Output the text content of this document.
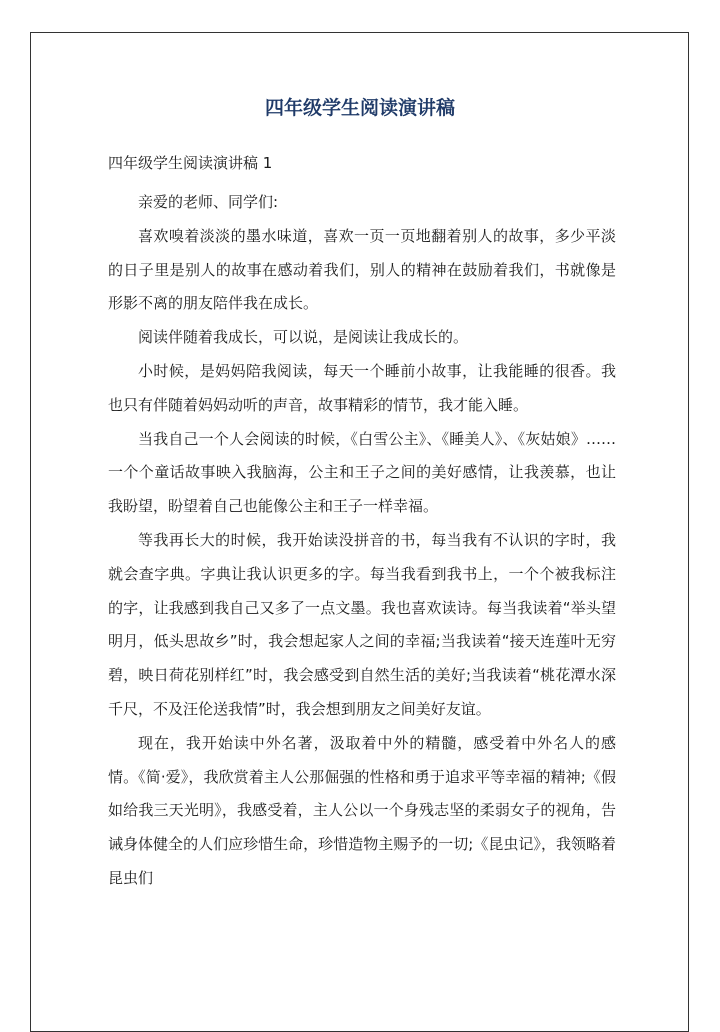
四年级学生阅读演讲稿
四年级学生阅读演讲稿 1

亲爱的老师、同学们:

喜欢嗅着淡淡的墨水味道，喜欢一页一页地翻着别人的故事，多少平淡的日子里是别人的故事在感动着我们，别人的精神在鼓励着我们，书就像是形影不离的朋友陪伴我在成长。

阅读伴随着我成长，可以说，是阅读让我成长的。

小时候，是妈妈陪我阅读，每天一个睡前小故事，让我能睡的很香。我也只有伴随着妈妈动听的声音，故事精彩的情节，我才能入睡。

当我自己一个人会阅读的时候，《白雪公主》、《睡美人》、《灰姑娘》……一个个童话故事映入我脑海，公主和王子之间的美好感情，让我羡慕，也让我盼望，盼望着自己也能像公主和王子一样幸福。

等我再长大的时候，我开始读没拼音的书，每当我有不认识的字时，我就会查字典。字典让我认识更多的字。每当我看到我书上，一个个被我标注的字，让我感到我自己又多了一点文墨。我也喜欢读诗。每当我读着“举头望明月，低头思故乡”时，我会想起家人之间的幸福;当我读着“接天连莲叶无穷碧，映日荷花别样红”时，我会感受到自然生活的美好;当我读着“桃花潭水深千尺，不及汪伦送我情”时，我会想到朋友之间美好友谊。

现在，我开始读中外名著，汲取着中外的精髓，感受着中外名人的感情。《简·爱》，我欣赏着主人公那倔强的性格和勇于追求平等幸福的精神;《假如给我三天光明》，我感受着，主人公以一个身残志坚的柔弱女子的视角，告诫身体健全的人们应珍惜生命，珍惜造物主赐予的一切;《昆虫记》，我领略着昆虫们
